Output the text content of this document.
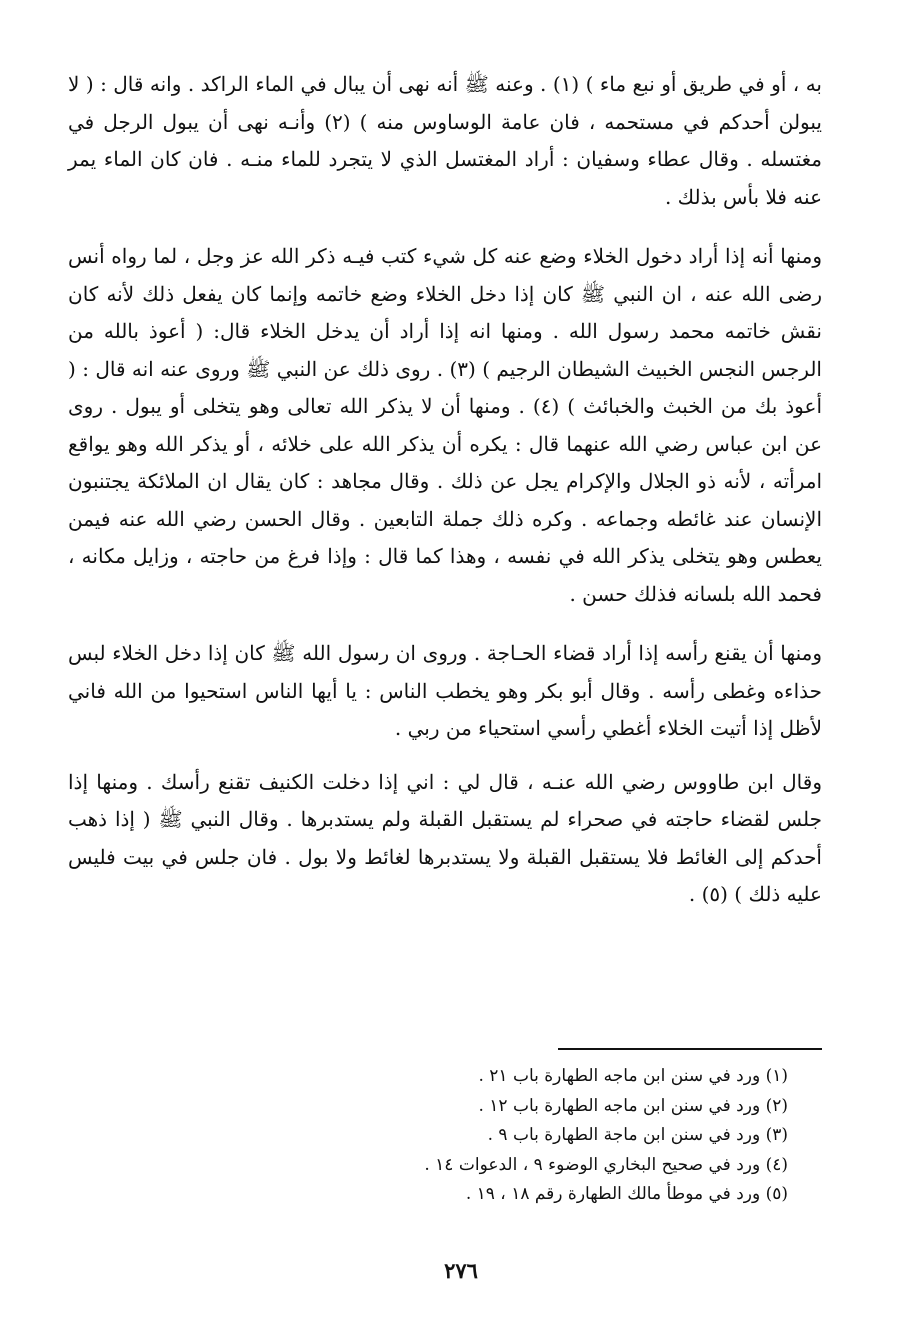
به ، أو في طريق أو نبع ماء ) (١) . وعنه ﷺ أنه نهى أن يبال في الماء الراكد . وانه قال : ( لا يبولن أحدكم في مستحمه ، فان عامة الوساوس منه ) (٢) وأنـه نهى أن يبول الرجل في مغتسله . وقال عطاء وسفيان : أراد المغتسل الذي لا يتجرد للماء منـه . فان كان الماء يمر عنه فلا بأس بذلك .

ومنها أنه إذا أراد دخول الخلاء وضع عنه كل شيء كتب فيـه ذكر الله عز وجل ، لما رواه أنس رضى الله عنه ، ان النبي ﷺ كان إذا دخل الخلاء وضع خاتمه وإنما كان يفعل ذلك لأنه كان نقش خاتمه محمد رسول الله . ومنها انه إذا أراد أن يدخل الخلاء قال: ( أعوذ بالله من الرجس النجس الخبيث الشيطان الرجيم ) (٣) . روى ذلك عن النبي ﷺ وروى عنه انه قال : ( أعوذ بك من الخبث والخبائث ) (٤) . ومنها أن لا يذكر الله تعالى وهو يتخلى أو يبول . روى عن ابن عباس رضي الله عنهما قال : يكره أن يذكر الله على خلائه ، أو يذكر الله وهو يواقع امرأته ، لأنه ذو الجلال والإكرام يجل عن ذلك . وقال مجاهد : كان يقال ان الملائكة يجتنبون الإنسان عند غائطه وجماعه . وكره ذلك جملة التابعين . وقال الحسن رضي الله عنه فيمن يعطس وهو يتخلى يذكر الله في نفسه ، وهذا كما قال : وإذا فرغ من حاجته ، وزايل مكانه ، فحمد الله بلسانه فذلك حسن .

ومنها أن يقنع رأسه إذا أراد قضاء الحـاجة . وروى ان رسول الله ﷺ كان إذا دخل الخلاء لبس حذاءه وغطى رأسه . وقال أبو بكر وهو يخطب الناس : يا أيها الناس استحيوا من الله فاني لأظل إذا أتيت الخلاء أغطي رأسي استحياء من ربي .

وقال ابن طاووس رضي الله عنـه ، قال لي : اني إذا دخلت الكنيف تقنع رأسك . ومنها إذا جلس لقضاء حاجته في صحراء لم يستقبل القبلة ولم يستدبرها . وقال النبي ﷺ ( إذا ذهب أحدكم إلى الغائط فلا يستقبل القبلة ولا يستدبرها لغائط ولا بول . فان جلس في بيت فليس عليه ذلك ) (٥) .

(١) ورد في سنن ابن ماجه الطهارة باب ٢١ .

(٢) ورد في سنن ابن ماجه الطهارة باب ١٢ .

(٣) ورد في سنن ابن ماجة الطهارة باب ٩ .

(٤) ورد في صحيح البخاري الوضوء ٩ ، الدعوات ١٤ .

(٥) ورد في موطأ مالك الطهارة رقم ١٨ ، ١٩ .

٢٧٦
